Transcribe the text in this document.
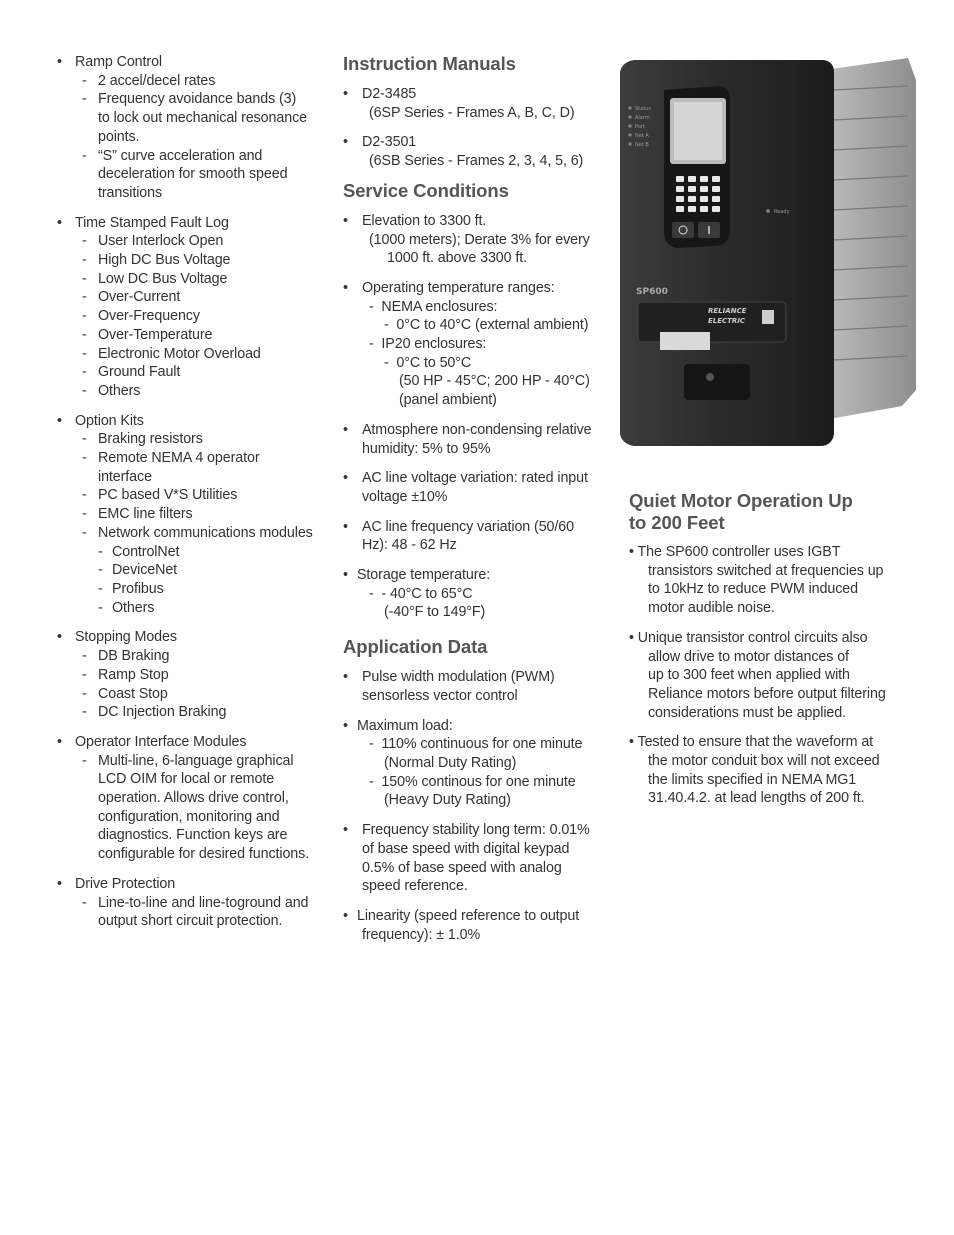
• Ramp Control
- 2 accel/decel rates
- Frequency avoidance bands (3)
to lock out mechanical resonance
points.
- “S” curve acceleration and
deceleration for smooth speed
transitions
• Time Stamped Fault Log
- User Interlock Open
- High DC Bus Voltage
- Low DC Bus Voltage
- Over-Current
- Over-Frequency
- Over-Temperature
- Electronic Motor Overload
- Ground Fault
- Others
• Option Kits
- Braking resistors
- Remote NEMA 4 operator
interface
- PC based V*S Utilities
- EMC line filters
- Network communications modules
- ControlNet
- DeviceNet
- Profibus
- Others
• Stopping Modes
- DB Braking
- Ramp Stop
- Coast Stop
- DC Injection Braking
• Operator Interface Modules
- Multi-line, 6-language graphical
LCD OIM for local or remote
operation. Allows drive control,
configuration, monitoring and
diagnostics. Function keys are
configurable for desired functions.
• Drive Protection
- Line-to-line and line-toground and
output short circuit protection.
Instruction Manuals
• D2-3485
(6SP Series - Frames A, B, C, D)
• D2-3501
(6SB Series - Frames 2, 3, 4, 5, 6)
Service Conditions
• Elevation to 3300 ft.
(1000 meters); Derate 3% for every
1000 ft. above 3300 ft.
• Operating temperature ranges:
-  NEMA enclosures:
-  0°C to 40°C (external ambient)
-  IP20 enclosures:
-  0°C to 50°C
(50 HP - 45°C; 200 HP - 40°C)
(panel ambient)
• Atmosphere non-condensing relative
humidity: 5% to 95%
• AC line voltage variation: rated input
voltage ±10%
• AC line frequency variation (50/60
Hz): 48 - 62 Hz
• Storage temperature:
-  - 40°C to 65°C
(-40°F to 149°F)
Application Data
• Pulse width modulation (PWM)
sensorless vector control
• Maximum load:
-  110% continuous for one minute
(Normal Duty Rating)
-  150% continous for one minute
(Heavy Duty Rating)
• Frequency stability long term: 0.01%
of base speed with digital keypad
0.5% of base speed with analog
speed reference.
• Linearity (speed reference to output
frequency): ± 1.0%
Status
Alarm
Port
Net A
Net B
Ready
SP600
RELIANCE
ELECTRIC
Quiet Motor Operation Up
to 200 Feet
• The SP600 controller uses IGBT
transistors switched at frequencies up
to 10kHz to reduce PWM induced
motor audible noise.
• Unique transistor control circuits also
allow drive to motor distances of
up to 300 feet when applied with
Reliance motors before output filtering
considerations must be applied.
• Tested to ensure that the waveform at
the motor conduit box will not exceed
the limits specified in NEMA MG1
31.40.4.2. at lead lengths of 200 ft.
